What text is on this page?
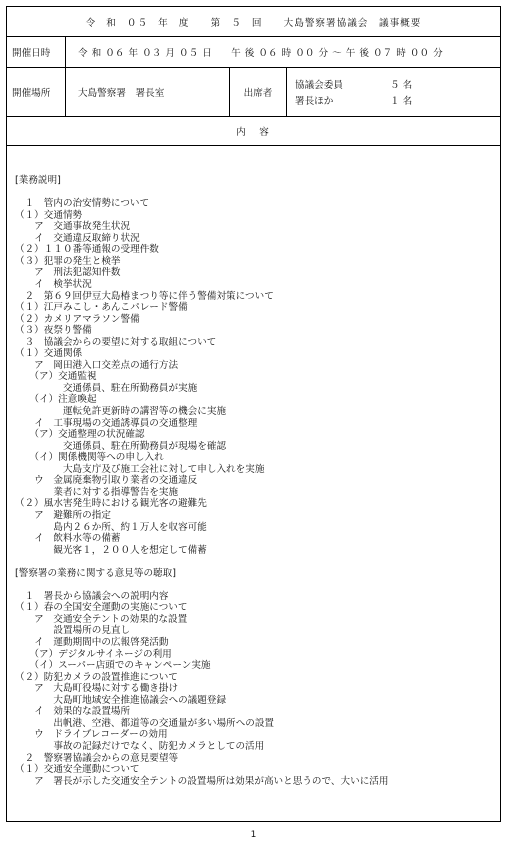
令 和 ０５ 年 度　　第 ５ 回　　大島警察署協議会　議事概要
開催日時	令 和 ０６ 年 ０３ 月 ０５ 日　　午 後 ０６ 時 ００ 分 ～ 午 後 ０７ 時 ００ 分
開催場所	大島警察署　署長室	出席者
協議会委員	５ 名
署長ほか	１ 名
内　容
[業務説明]
　１　管内の治安情勢について
（１）交通情勢
　　ア　交通事故発生状況
　　イ　交通違反取締り状況
（２）１１０番等通報の受理件数
（３）犯罪の発生と検挙
　　ア　刑法犯認知件数
　　イ　検挙状況
　２　第６９回伊豆大島椿まつり等に伴う警備対策について
（１）江戸みこし・あんこパレード警備
（２）カメリアマラソン警備
（３）夜祭り警備
　３　協議会からの要望に対する取組について
（１）交通関係
　　ア　岡田港入口交差点の通行方法
　　（ア）交通監視
　　　　　交通係員、駐在所勤務員が実施
　　（イ）注意喚起
　　　　　運転免許更新時の講習等の機会に実施
　　イ　工事現場の交通誘導員の交通整理
　　（ア）交通整理の状況確認
　　　　　交通係員、駐在所勤務員が現場を確認
　　（イ）関係機関等への申し入れ
　　　　　大島支庁及び施工会社に対して申し入れを実施
　　ウ　金属廃棄物引取り業者の交通違反
　　　　業者に対する指導警告を実施
（２）風水害発生時における観光客の避難先
　　ア　避難所の指定
　　　　島内２６か所、約１万人を収容可能
　　イ　飲料水等の備蓄
　　　　観光客１，２００人を想定して備蓄
[警察署の業務に関する意見等の聴取]
　１　署長から協議会への説明内容
（１）春の全国安全運動の実施について
　　ア　交通安全テントの効果的な設置
　　　　設置場所の見直し
　　イ　運動期間中の広報啓発活動
　　（ア）デジタルサイネージの利用
　　（イ）スーパー店頭でのキャンペーン実施
（２）防犯カメラの設置推進について
　　ア　大島町役場に対する働き掛け
　　　　大島町地域安全推進協議会への議題登録
　　イ　効果的な設置場所
　　　　出帆港、空港、都道等の交通量が多い場所への設置
　　ウ　ドライブレコーダーの効用
　　　　事故の記録だけでなく、防犯カメラとしての活用
　２　警察署協議会からの意見要望等
（１）交通安全運動について
　　ア　署長が示した交通安全テントの設置場所は効果が高いと思うので、大いに活用
1
